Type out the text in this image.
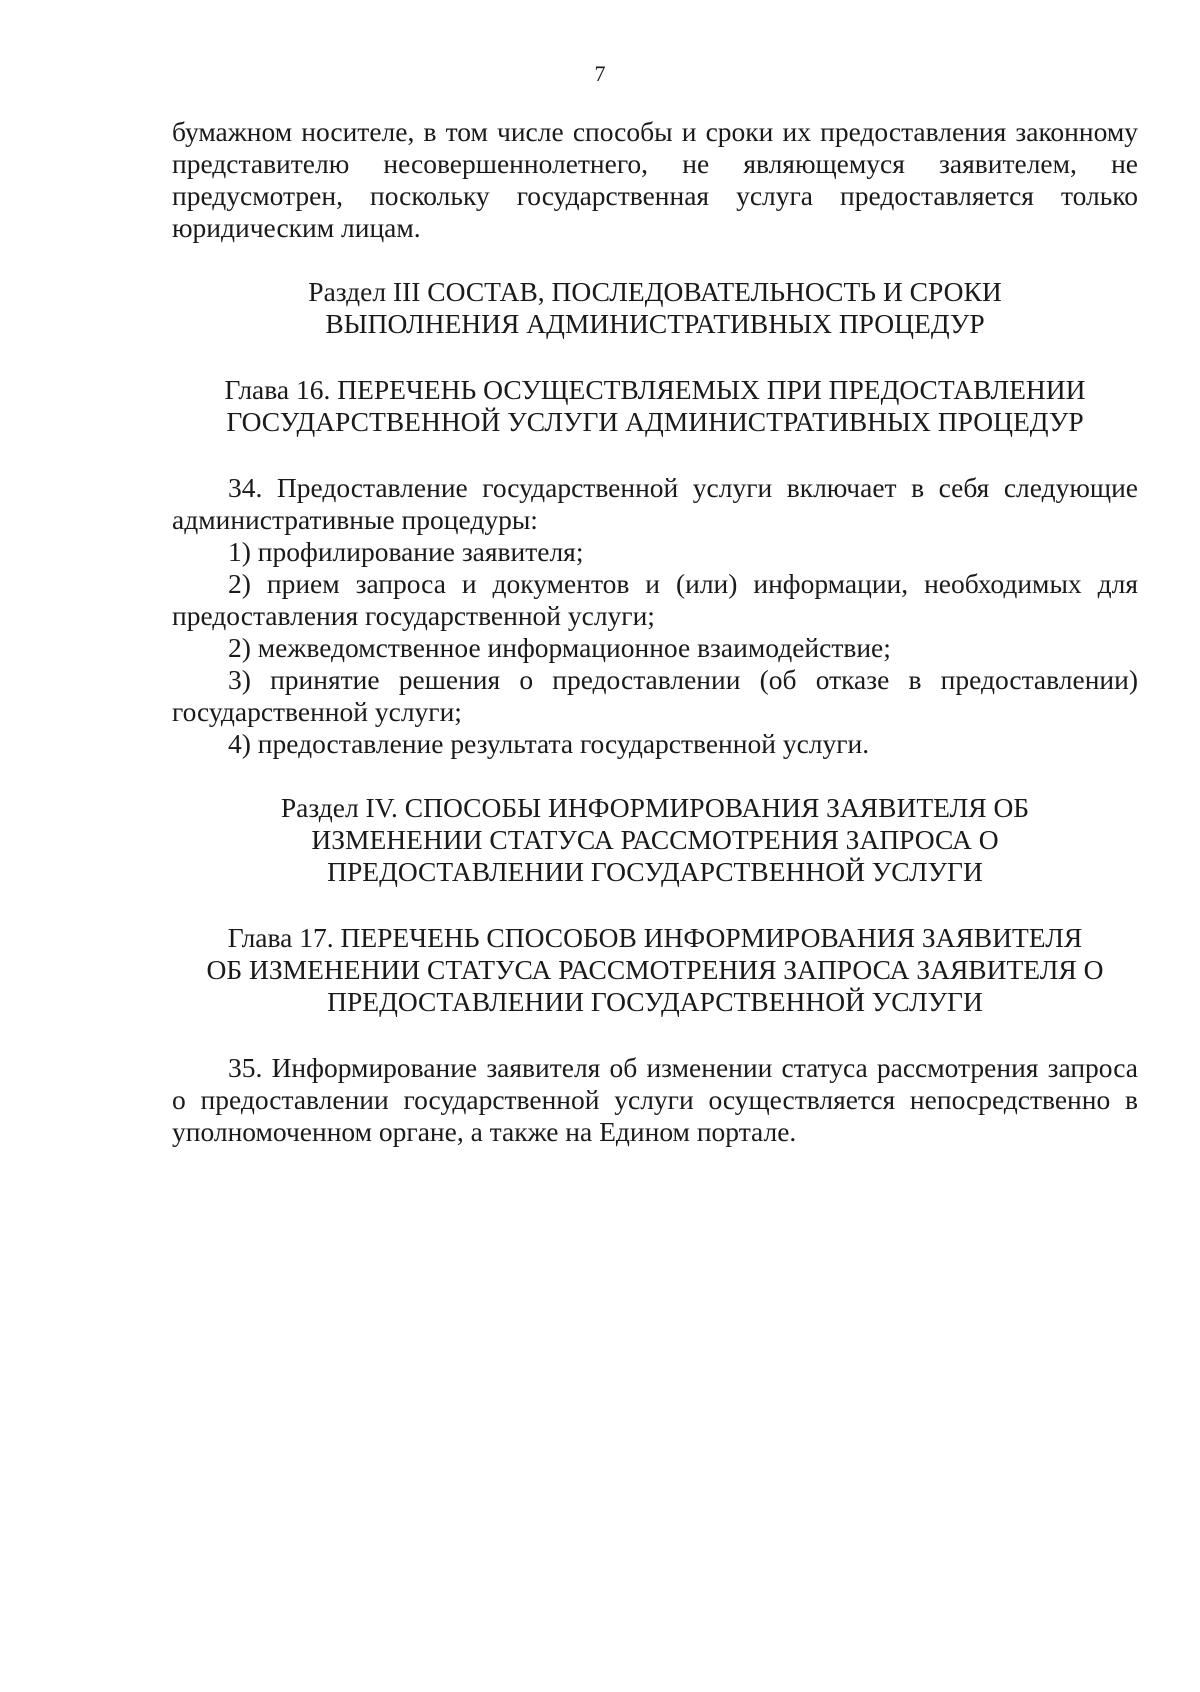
7

бумажном носителе, в том числе способы и сроки их предоставления законному представителю несовершеннолетнего, не являющемуся заявителем, не предусмотрен, поскольку государственная услуга предоставляется только юридическим лицам.

Раздел III СОСТАВ, ПОСЛЕДОВАТЕЛЬНОСТЬ И СРОКИ
ВЫПОЛНЕНИЯ АДМИНИСТРАТИВНЫХ ПРОЦЕДУР
Глава 16. ПЕРЕЧЕНЬ ОСУЩЕСТВЛЯЕМЫХ ПРИ ПРЕДОСТАВЛЕНИИ
ГОСУДАРСТВЕННОЙ УСЛУГИ АДМИНИСТРАТИВНЫХ ПРОЦЕДУР

34. Предоставление государственной услуги включает в себя следующие административные процедуры:

1) профилирование заявителя;

2) прием запроса и документов и (или) информации, необходимых для предоставления государственной услуги;

2) межведомственное информационное взаимодействие;

3) принятие решения о предоставлении (об отказе в предоставлении) государственной услуги;

4) предоставление результата государственной услуги.

Раздел IV. СПОСОБЫ ИНФОРМИРОВАНИЯ ЗАЯВИТЕЛЯ ОБ
ИЗМЕНЕНИИ СТАТУСА РАССМОТРЕНИЯ ЗАПРОСА О
ПРЕДОСТАВЛЕНИИ ГОСУДАРСТВЕННОЙ УСЛУГИ
Глава 17. ПЕРЕЧЕНЬ СПОСОБОВ ИНФОРМИРОВАНИЯ ЗАЯВИТЕЛЯ
ОБ ИЗМЕНЕНИИ СТАТУСА РАССМОТРЕНИЯ ЗАПРОСА ЗАЯВИТЕЛЯ О
ПРЕДОСТАВЛЕНИИ ГОСУДАРСТВЕННОЙ УСЛУГИ

35. Информирование заявителя об изменении статуса рассмотрения запроса о предоставлении государственной услуги осуществляется непосредственно в уполномоченном органе, а также на Едином портале.
